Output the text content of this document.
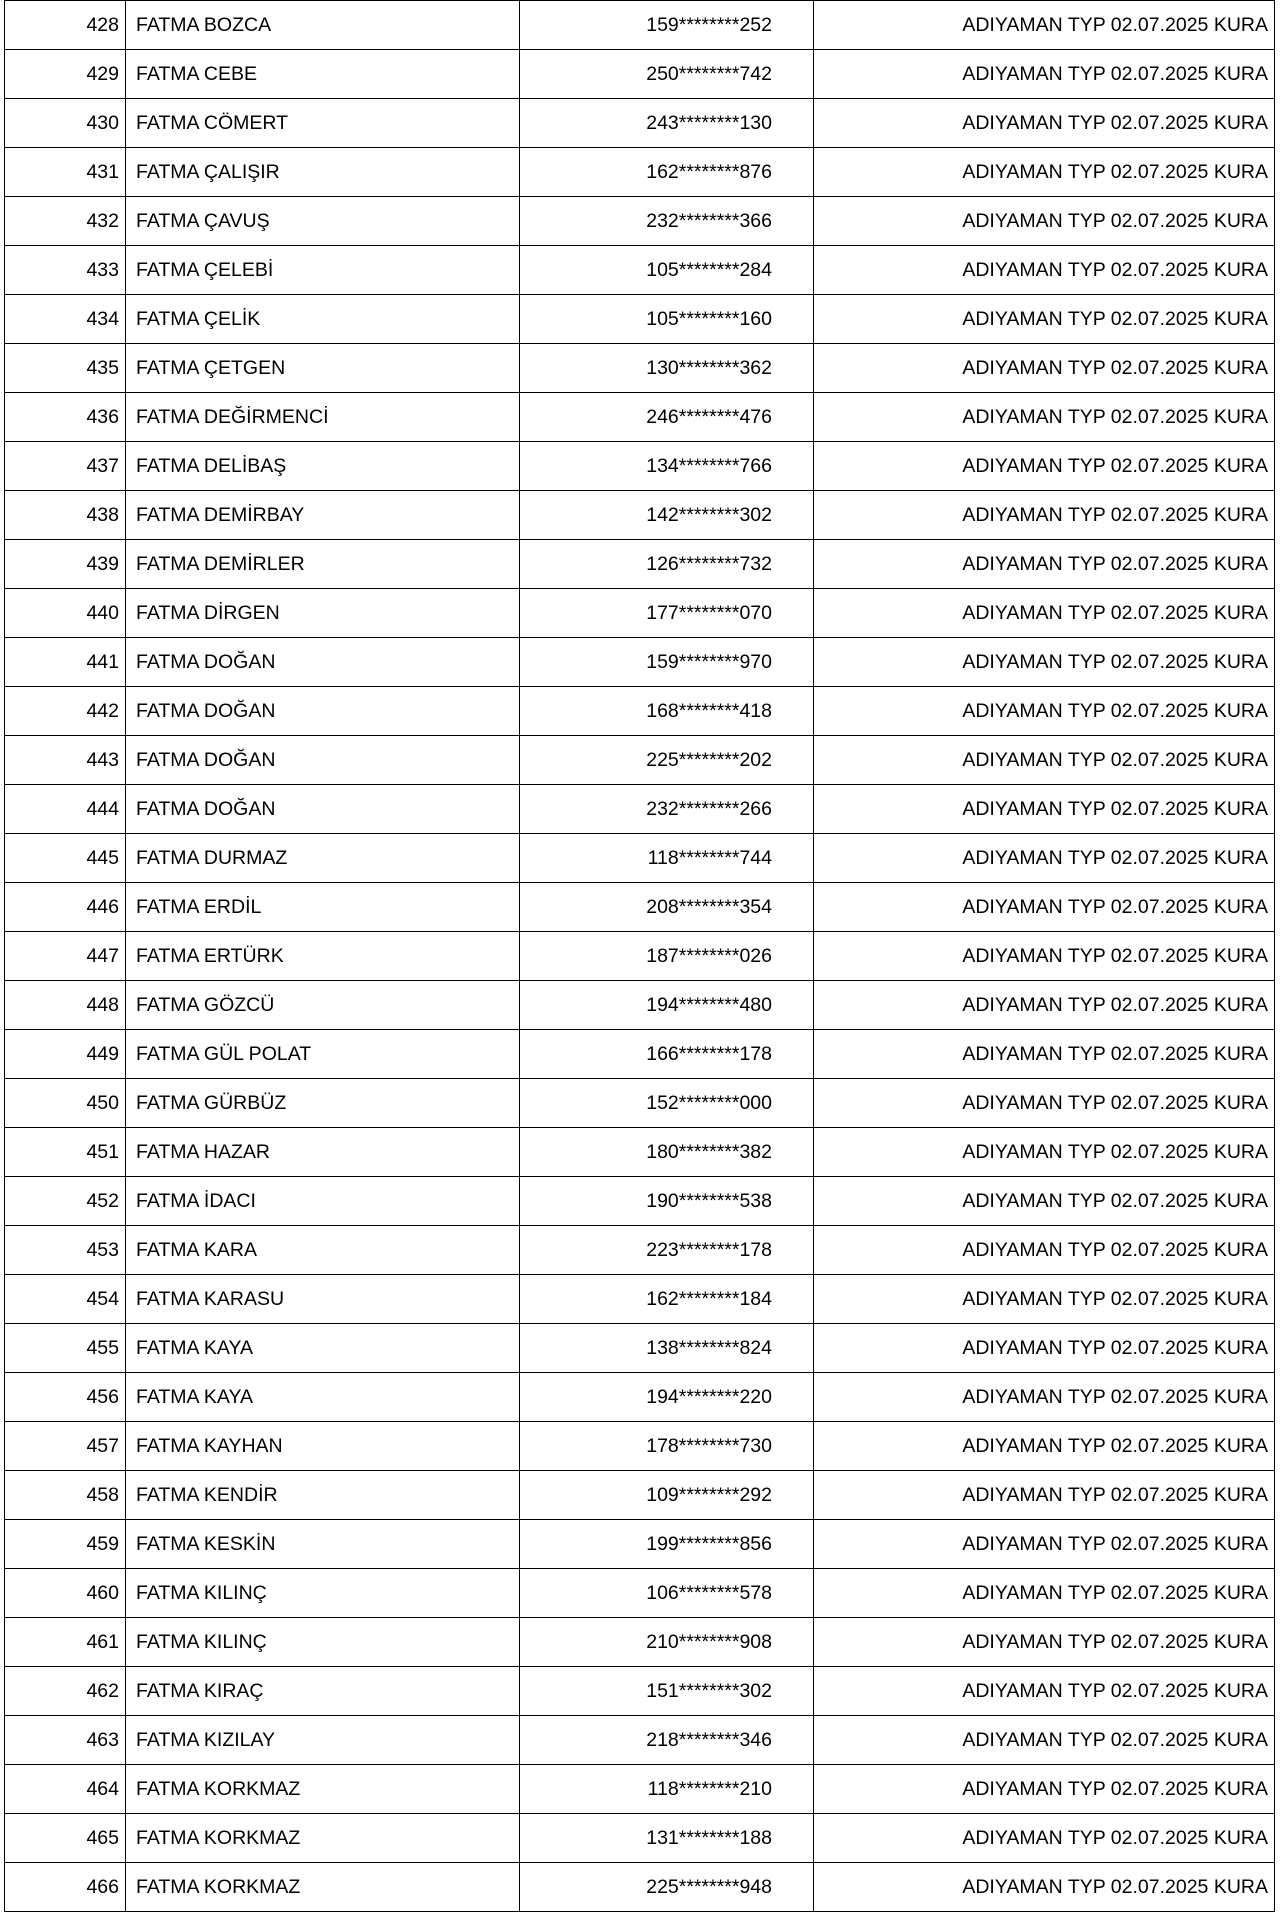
428	FATMA BOZCA	159********252	ADIYAMAN TYP 02.07.2025 KURA
429	FATMA CEBE	250********742	ADIYAMAN TYP 02.07.2025 KURA
430	FATMA CÖMERT	243********130	ADIYAMAN TYP 02.07.2025 KURA
431	FATMA ÇALIŞIR	162********876	ADIYAMAN TYP 02.07.2025 KURA
432	FATMA ÇAVUŞ	232********366	ADIYAMAN TYP 02.07.2025 KURA
433	FATMA ÇELEBİ	105********284	ADIYAMAN TYP 02.07.2025 KURA
434	FATMA ÇELİK	105********160	ADIYAMAN TYP 02.07.2025 KURA
435	FATMA ÇETGEN	130********362	ADIYAMAN TYP 02.07.2025 KURA
436	FATMA DEĞİRMENCİ	246********476	ADIYAMAN TYP 02.07.2025 KURA
437	FATMA DELİBAŞ	134********766	ADIYAMAN TYP 02.07.2025 KURA
438	FATMA DEMİRBAY	142********302	ADIYAMAN TYP 02.07.2025 KURA
439	FATMA DEMİRLER	126********732	ADIYAMAN TYP 02.07.2025 KURA
440	FATMA DİRGEN	177********070	ADIYAMAN TYP 02.07.2025 KURA
441	FATMA DOĞAN	159********970	ADIYAMAN TYP 02.07.2025 KURA
442	FATMA DOĞAN	168********418	ADIYAMAN TYP 02.07.2025 KURA
443	FATMA DOĞAN	225********202	ADIYAMAN TYP 02.07.2025 KURA
444	FATMA DOĞAN	232********266	ADIYAMAN TYP 02.07.2025 KURA
445	FATMA DURMAZ	118********744	ADIYAMAN TYP 02.07.2025 KURA
446	FATMA ERDİL	208********354	ADIYAMAN TYP 02.07.2025 KURA
447	FATMA ERTÜRK	187********026	ADIYAMAN TYP 02.07.2025 KURA
448	FATMA GÖZCÜ	194********480	ADIYAMAN TYP 02.07.2025 KURA
449	FATMA GÜL POLAT	166********178	ADIYAMAN TYP 02.07.2025 KURA
450	FATMA GÜRBÜZ	152********000	ADIYAMAN TYP 02.07.2025 KURA
451	FATMA HAZAR	180********382	ADIYAMAN TYP 02.07.2025 KURA
452	FATMA İDACI	190********538	ADIYAMAN TYP 02.07.2025 KURA
453	FATMA KARA	223********178	ADIYAMAN TYP 02.07.2025 KURA
454	FATMA KARASU	162********184	ADIYAMAN TYP 02.07.2025 KURA
455	FATMA KAYA	138********824	ADIYAMAN TYP 02.07.2025 KURA
456	FATMA KAYA	194********220	ADIYAMAN TYP 02.07.2025 KURA
457	FATMA KAYHAN	178********730	ADIYAMAN TYP 02.07.2025 KURA
458	FATMA KENDİR	109********292	ADIYAMAN TYP 02.07.2025 KURA
459	FATMA KESKİN	199********856	ADIYAMAN TYP 02.07.2025 KURA
460	FATMA KILINÇ	106********578	ADIYAMAN TYP 02.07.2025 KURA
461	FATMA KILINÇ	210********908	ADIYAMAN TYP 02.07.2025 KURA
462	FATMA KIRAÇ	151********302	ADIYAMAN TYP 02.07.2025 KURA
463	FATMA KIZILAY	218********346	ADIYAMAN TYP 02.07.2025 KURA
464	FATMA KORKMAZ	118********210	ADIYAMAN TYP 02.07.2025 KURA
465	FATMA KORKMAZ	131********188	ADIYAMAN TYP 02.07.2025 KURA
466	FATMA KORKMAZ	225********948	ADIYAMAN TYP 02.07.2025 KURA
